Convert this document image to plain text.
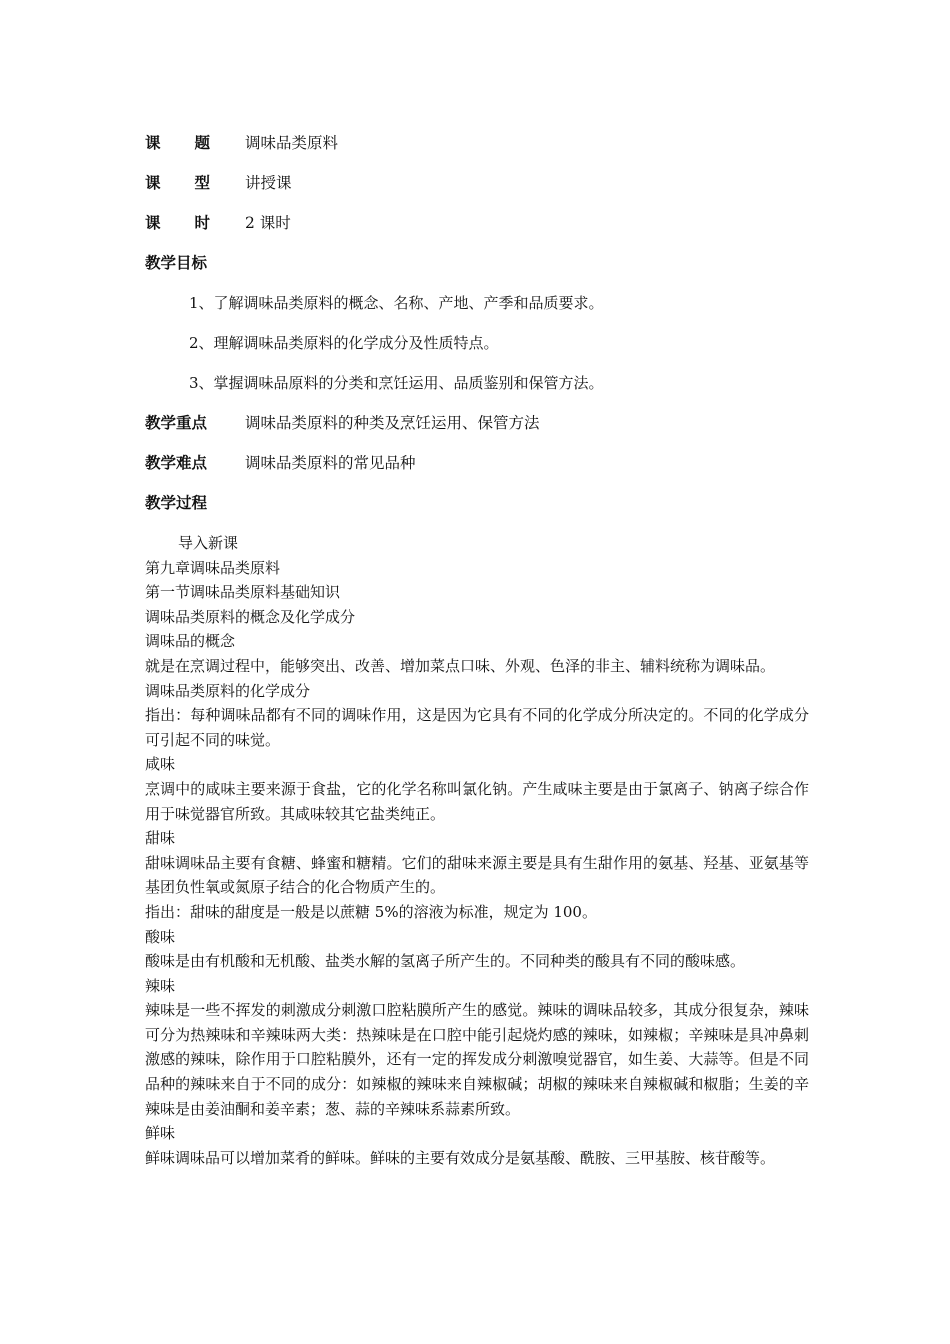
课 题 调味品类原料
课 型 讲授课
课 时 2 课时
教学目标
1、了解调味品类原料的概念、名称、产地、产季和品质要求。
2、理解调味品类原料的化学成分及性质特点。
3、掌握调味品原料的分类和烹饪运用、品质鉴别和保管方法。
教学重点	调味品类原料的种类及烹饪运用、保管方法
教学难点	调味品类原料的常见品种
教学过程
导入新课
第九章调味品类原料
第一节调味品类原料基础知识
调味品类原料的概念及化学成分
调味品的概念
就是在烹调过程中，能够突出、改善、增加菜点口味、外观、色泽的非主、辅料统称为调味品。
调味品类原料的化学成分
指出：每种调味品都有不同的调味作用，这是因为它具有不同的化学成分所决定的。不同的化学成分可引起不同的味觉。
咸味
烹调中的咸味主要来源于食盐，它的化学名称叫氯化钠。产生咸味主要是由于氯离子、钠离子综合作用于味觉器官所致。其咸味较其它盐类纯正。
甜味
甜味调味品主要有食糖、蜂蜜和糖精。它们的甜味来源主要是具有生甜作用的氨基、羟基、亚氨基等基团负性氧或氮原子结合的化合物质产生的。
指出：甜味的甜度是一般是以蔗糖 5%的溶液为标准，规定为 100。
酸味
酸味是由有机酸和无机酸、盐类水解的氢离子所产生的。不同种类的酸具有不同的酸味感。
辣味
辣味是一些不挥发的刺激成分刺激口腔粘膜所产生的感觉。辣味的调味品较多，其成分很复杂，辣味可分为热辣味和辛辣味两大类：热辣味是在口腔中能引起烧灼感的辣味，如辣椒；辛辣味是具冲鼻刺激感的辣味，除作用于口腔粘膜外，还有一定的挥发成分刺激嗅觉器官，如生姜、大蒜等。但是不同品种的辣味来自于不同的成分：如辣椒的辣味来自辣椒碱；胡椒的辣味来自辣椒碱和椒脂；生姜的辛辣味是由姜油酮和姜辛素；葱、蒜的辛辣味系蒜素所致。
鲜味
鲜味调味品可以增加菜肴的鲜味。鲜味的主要有效成分是氨基酸、酰胺、三甲基胺、核苷酸等。
